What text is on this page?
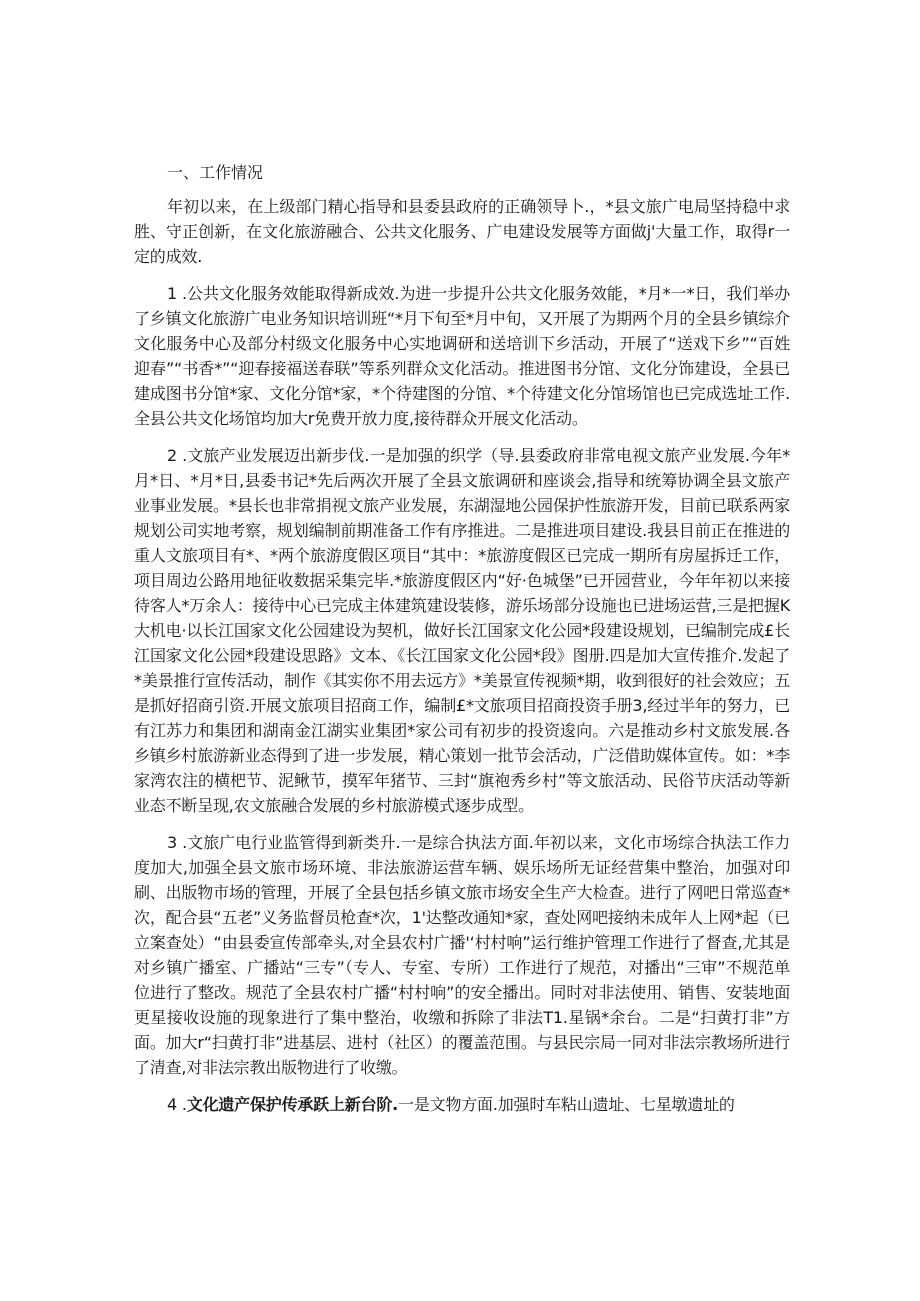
一、工作情况

年初以来，在上级部门精心指导和县委县政府的正确领导卜.，*县文旅广电局坚持稳中求胜、守正创新，在文化旅游融合、公共文化服务、广电建设发展等方面做j'大量工作，取得r一定的成效.

1 .公共文化服务效能取得新成效.为进一步提升公共文化服务效能，*月*一*日，我们举办了乡镇文化旅游广电业务知识培训班“*月下旬至*月中旬，又开展了为期两个月的全县乡镇综介文化服务中心及部分村级文化服务中心实地调研和送培训下乡活动，开展了“送戏下乡”“百姓迎春”“书香*”“迎春接福送春联”等系列群众文化活动。推进图书分馆、文化分饰建设，全县已建成图书分馆*家、文化分馆*家，*个待建图的分馆、*个待建文化分馆场馆也已完成选址工作.全县公共文化场馆均加大r免费开放力度,接待群众开展文化活动。

2 .文旅产业发展迈出新步伐.一是加强的织学（导.县委政府非常电视文旅产业发展.今年*月*日、*月*日,县委书记*先后两次开展了全县文旅调研和座谈会,指导和统筹协调全县文旅产业事业发展。*县长也非常捐视文旅产业发展，东湖湿地公园保护性旅游开发，目前已联系两家规划公司实地考察，规划编制前期准备工作有序推进。二是推进项目建设.我县目前正在推进的重人文旅项目有*、*两个旅游度假区项目“其中：*旅游度假区已完成一期所有房屋拆迁工作，项目周边公路用地征收数据采集完毕.*旅游度假区内“好·色城堡”已开园营业，今年年初以来接待客人*万余人：接待中心已完成主体建筑建设装修，游乐场部分设施也已进场运营,三是把握K大机电·以长江国家文化公园建设为契机，做好长江国家文化公园*段建设规划，已编制完成£长江国家文化公园*段建设思路》文本、《长江国家文化公园*段》图册.四是加大宣传推介.发起了*美景推行宣传活动，制作《其实你不用去远方》*美景宣传视频*期，收到很好的社会效应；五是抓好招商引资.开展文旅项目招商工作，编制£*文旅项目招商投资手册3,经过半年的努力，已有江苏力和集团和湖南金江湖实业集团*家公司有初步的投资逡向。六是推动乡村文旅发展.各乡镇乡村旅游新业态得到了进一步发展，精心策划一批节会活动，广泛借助媒体宣传。如：*李家湾农注的横杷节、泥鳅节，摸军年猪节、三封“旗袍秀乡村”等文旅活动、民俗节庆活动等新业态不断呈现,农文旅融合发展的乡村旅游模式逐步成型。

3 .文旅广电行业监管得到新类升.一是综合执法方面.年初以来，文化市场综合执法工作力度加大,加强全县文旅市场环境、非法旅游运营车辆、娱乐场所无证经营集中整治，加强对印刷、出版物市场的管理，开展了全县包括乡镇文旅市场安全生产大检查。进行了网吧日常巡查*次，配合县“五老”义务监督员枪查*次，1'达整改通知*家，查处网吧接纳未成年人上网*起（已立案查处）“由县委宣传部牵头,对全县农村广播'‘村村响”运行维护管理工作进行了督查,尤其是对乡镇广播室、广播站“三专”（专人、专室、专所）工作进行了规范，对播出“三审”不规范单位进行了整改。规范了全县农村广播“村村响”的安全播出。同时对非法使用、销售、安装地面更星接收设施的现象进行了集中整治，收缴和拆除了非法T1.星锅*余台。二是“扫黄打非”方面。加大r“扫黄打非”进基层、进村（社区）的覆盖范围。与县民宗局一同对非法宗教场所进行了清查,对非法宗教出版物进行了收缴。

4 .文化遗产保护传承跃上新台阶.一是文物方面.加强时车粘山遗址、七星墩遗址的
